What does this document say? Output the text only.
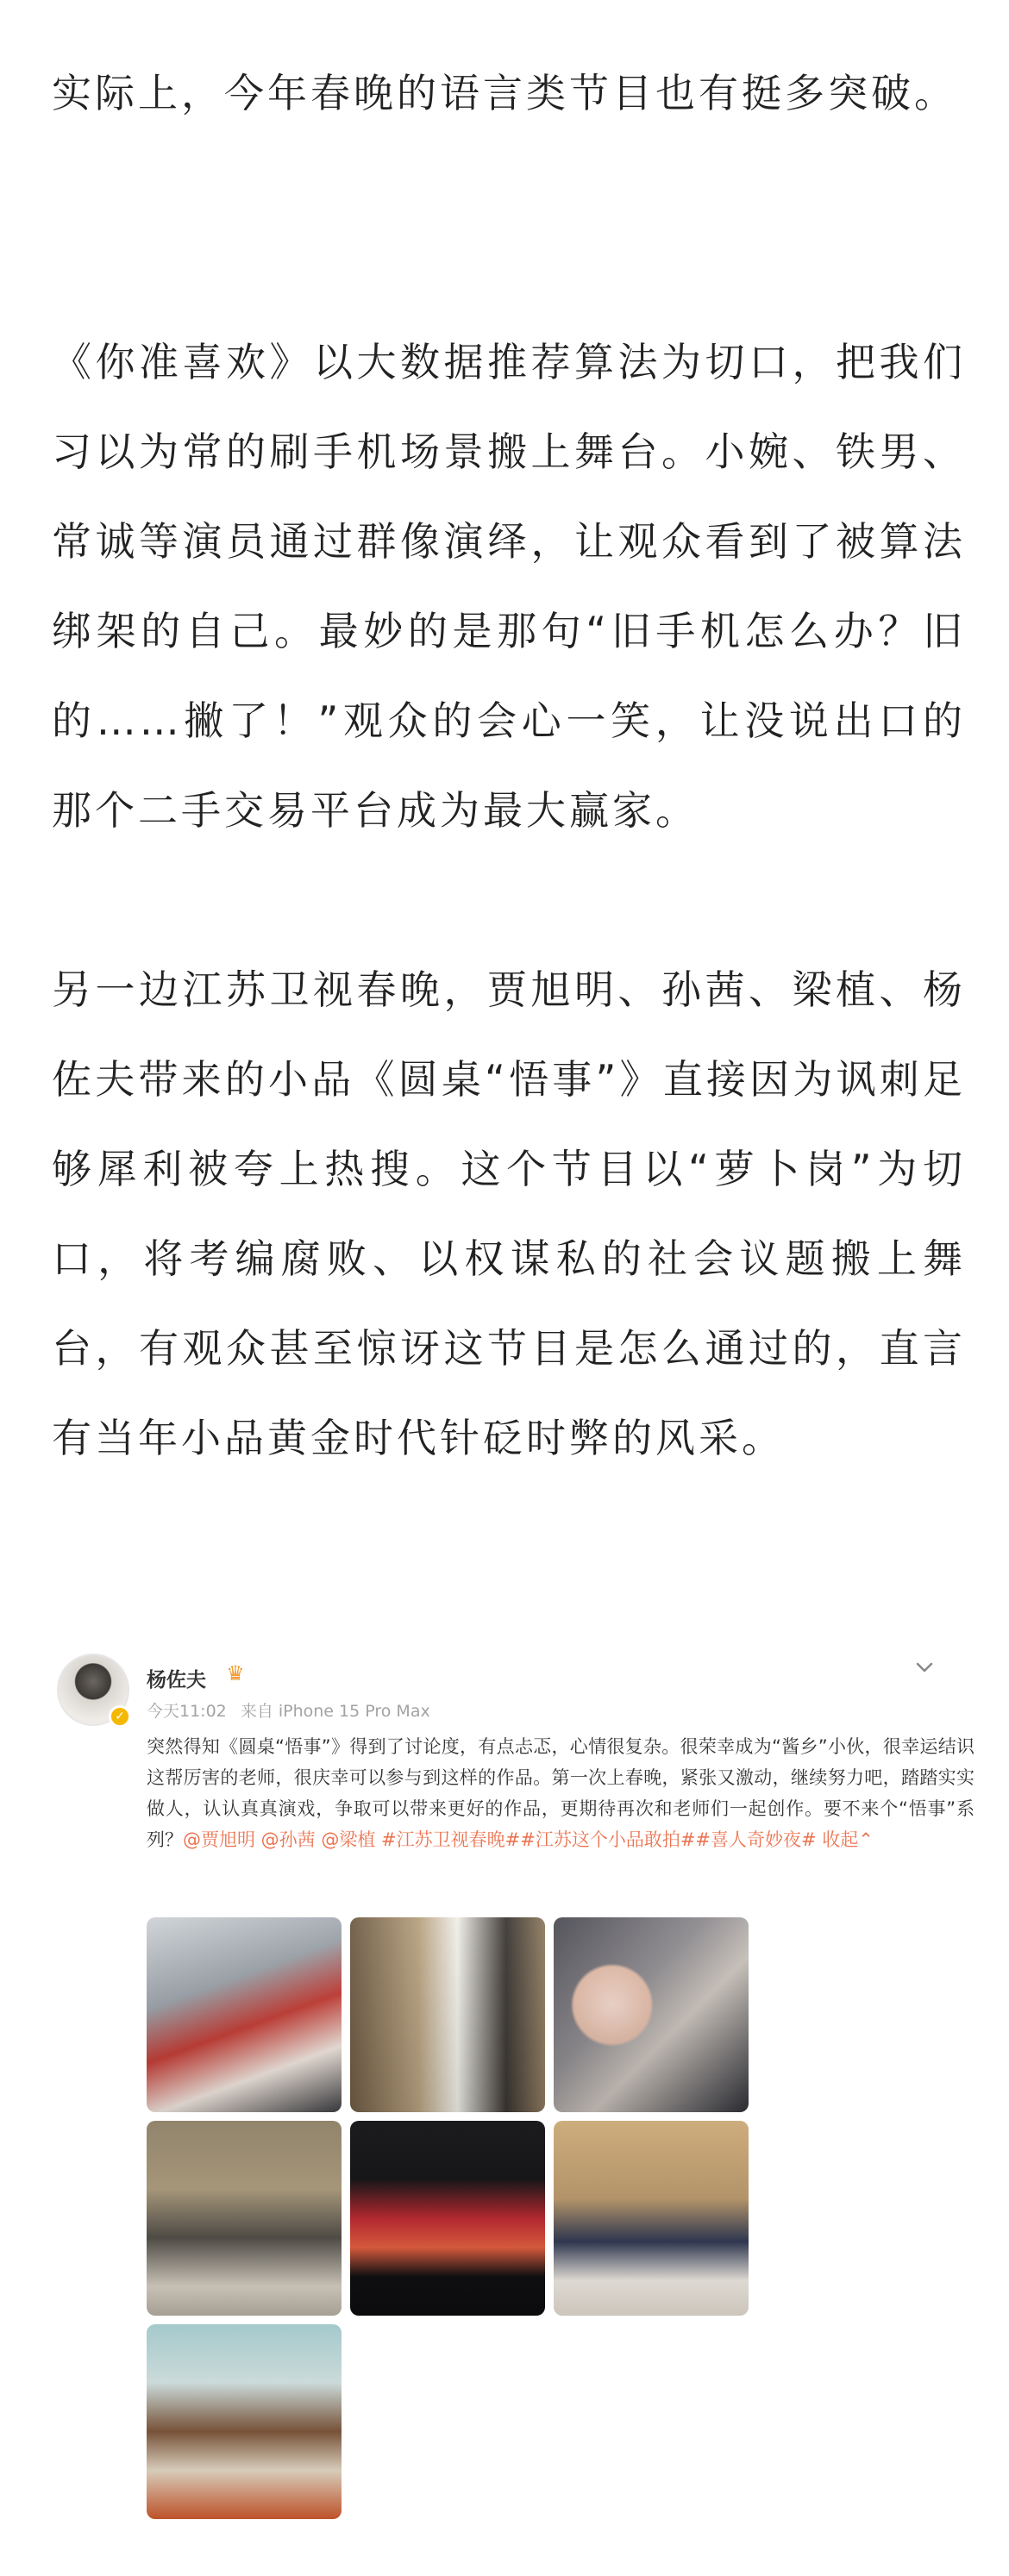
实际上，今年春晚的语言类节目也有挺多突破。

《你准喜欢》以大数据推荐算法为切口，把我们习以为常的刷手机场景搬上舞台。小婉、铁男、常诚等演员通过群像演绎，让观众看到了被算法绑架的自己。最妙的是那句“旧手机怎么办？旧的……撇了！”观众的会心一笑，让没说出口的那个二手交易平台成为最大赢家。

另一边江苏卫视春晚，贾旭明、孙茜、梁植、杨佐夫带来的小品《圆桌“悟事”》直接因为讽刺足够犀利被夸上热搜。这个节目以“萝卜岗”为切口，将考编腐败、以权谋私的社会议题搬上舞台，有观众甚至惊讶这节目是怎么通过的，直言有当年小品黄金时代针砭时弊的风采。

✓
杨佐夫 ♛
今天11:02 来自 iPhone 15 Pro Max
突然得知《圆桌“悟事”》得到了讨论度，有点忐忑，心情很复杂。很荣幸成为“酱乡”小伙，很幸运结识这帮厉害的老师，很庆幸可以参与到这样的作品。第一次上春晚，紧张又激动，继续努力吧，踏踏实实做人，认认真真演戏，争取可以带来更好的作品，更期待再次和老师们一起创作。要不来个“悟事”系列？@贾旭明 @孙茜 @梁植 #江苏卫视春晚##江苏这个小品敢拍##喜人奇妙夜# 收起⌃
